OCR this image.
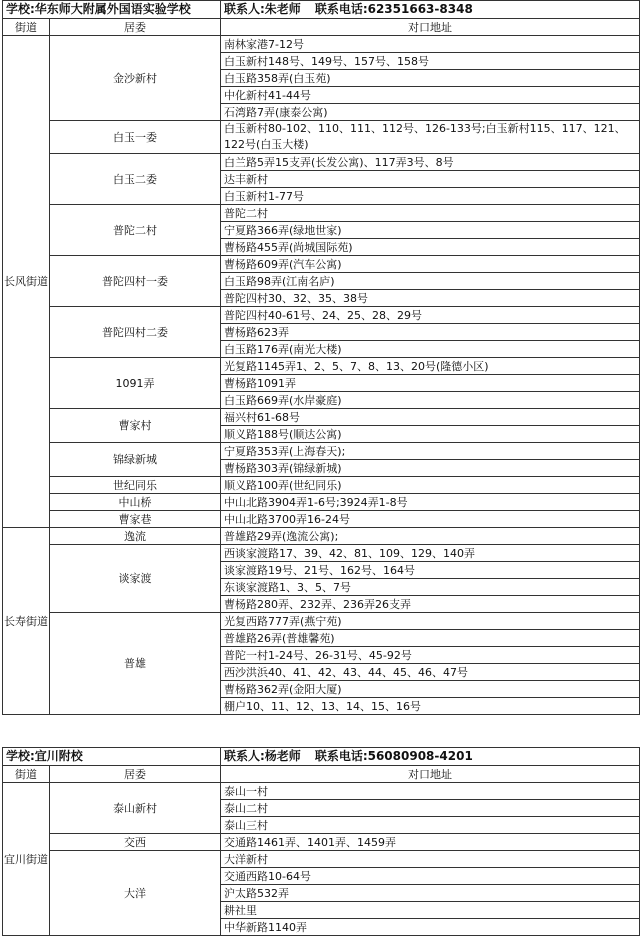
学校:华东师大附属外国语实验学校		联系人:朱老师 联系电话:62351663-8348
街道	居委	对口地址
长风街道	金沙新村	南林家港7-12号
		白玉新村148号、149号、157号、158号
		白玉路358弄(白玉苑)
		中化新村41-44号
		石湾路7弄(康泰公寓)
	白玉一委	白玉新村80-102、110、111、112号、126-133号;白玉新村115、117、121、122号(白玉大楼)
	白玉二委	白兰路5弄15支弄(长发公寓)、117弄3号、8号
		达丰新村
		白玉新村1-77号
	普陀二村	普陀二村
		宁夏路366弄(绿地世家)
		曹杨路455弄(尚城国际苑)
	普陀四村一委	曹杨路609弄(汽车公寓)
		白玉路98弄(江南名庐)
		普陀四村30、32、35、38号
	普陀四村二委	普陀四村40-61号、24、25、28、29号
		曹杨路623弄
		白玉路176弄(南光大楼)
	1091弄	光复路1145弄1、2、5、7、8、13、20号(隆德小区)
		曹杨路1091弄
		白玉路669弄(水岸豪庭)
	曹家村	福兴村61-68号
		顺义路188号(顺达公寓)
	锦绿新城	宁夏路353弄(上海春天);
		曹杨路303弄(锦绿新城)
	世纪同乐	顺义路100弄(世纪同乐)
	中山桥	中山北路3904弄1-6号;3924弄1-8号
	曹家巷	中山北路3700弄16-24号
长寿街道	逸流	普雄路29弄(逸流公寓);
	谈家渡	西谈家渡路17、39、42、81、109、129、140弄
		谈家渡路19号、21号、162号、164号
		东谈家渡路1、3、5、7号
		曹杨路280弄、232弄、236弄26支弄
	普雄	光复西路777弄(燕宁苑)
		普雄路26弄(普雄馨苑)
		普陀一村1-24号、26-31号、45-92号
		西沙洪浜40、41、42、43、44、45、46、47号
		曹杨路362弄(金阳大厦)
		棚户10、11、12、13、14、15、16号
学校:宜川附校		联系人:杨老师 联系电话:56080908-4201
街道	居委	对口地址
宜川街道	泰山新村	泰山一村
		泰山二村
		泰山三村
	交西	交通路1461弄、1401弄、1459弄
	大洋	大洋新村
		交通西路10-64号
		沪太路532弄
		耕社里
		中华新路1140弄
